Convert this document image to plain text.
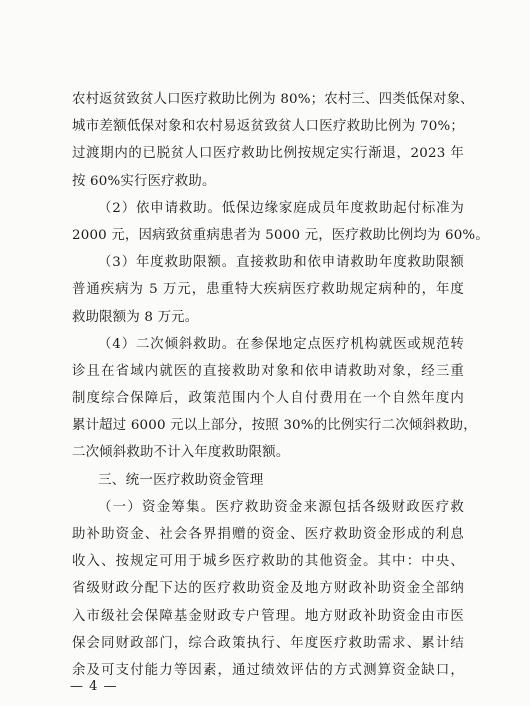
农村返贫致贫人口医疗救助比例为 80%；农村三、四类低保对象、
城市差额低保对象和农村易返贫致贫人口医疗救助比例为 70%；
过渡期内的已脱贫人口医疗救助比例按规定实行渐退，2023 年
按 60%实行医疗救助。
（2）依申请救助。低保边缘家庭成员年度救助起付标准为
2000 元，因病致贫重病患者为 5000 元，医疗救助比例均为 60%。
（3）年度救助限额。直接救助和依申请救助年度救助限额
普通疾病为 5 万元，患重特大疾病医疗救助规定病种的，年度
救助限额为 8 万元。
（4）二次倾斜救助。在参保地定点医疗机构就医或规范转
诊且在省域内就医的直接救助对象和依申请救助对象，经三重
制度综合保障后，政策范围内个人自付费用在一个自然年度内
累计超过 6000 元以上部分，按照 30%的比例实行二次倾斜救助，
二次倾斜救助不计入年度救助限额。
三、统一医疗救助资金管理
（一）资金筹集。医疗救助资金来源包括各级财政医疗救
助补助资金、社会各界捐赠的资金、医疗救助资金形成的利息
收入、按规定可用于城乡医疗救助的其他资金。其中：中央、
省级财政分配下达的医疗救助资金及地方财政补助资金全部纳
入市级社会保障基金财政专户管理。地方财政补助资金由市医
保会同财政部门，综合政策执行、年度医疗救助需求、累计结
余及可支付能力等因素，通过绩效评估的方式测算资金缺口，
— 4 —
